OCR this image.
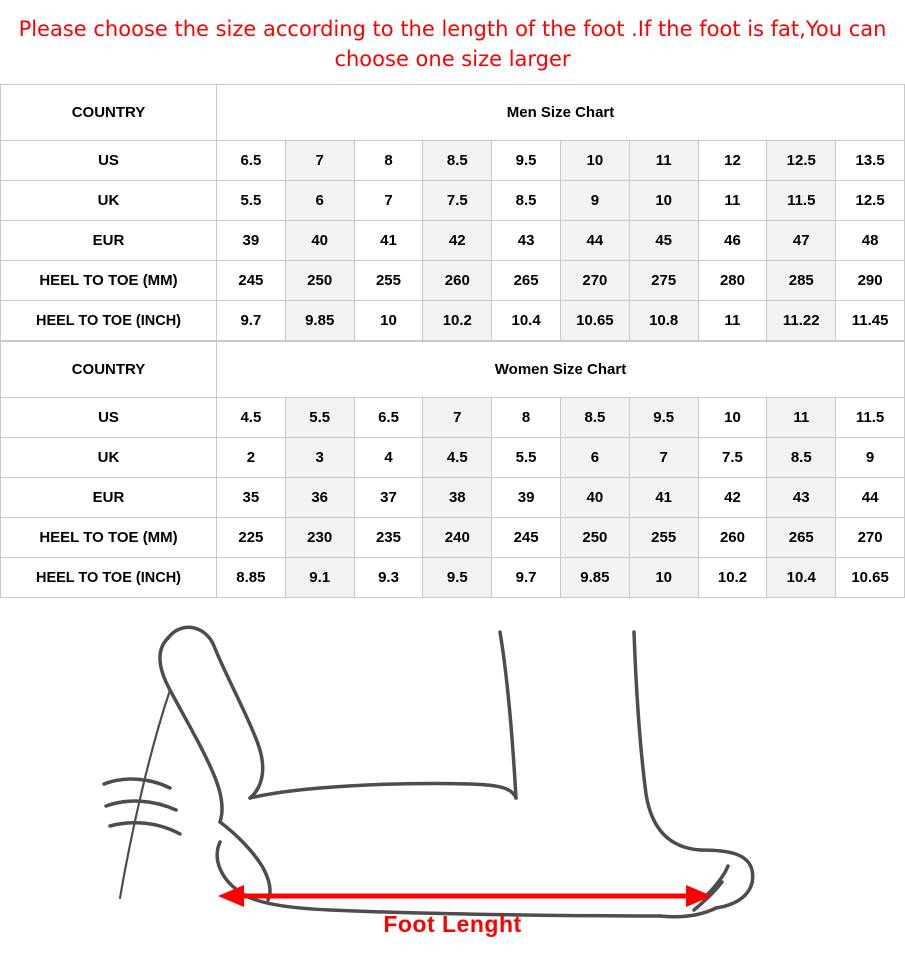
Please choose the size according to the length of the foot .If the foot is fat,You can choose one size larger
COUNTRY	Men Size Chart									
US	6.5	7	8	8.5	9.5	10	11	12	12.5	13.5
UK	5.5	6	7	7.5	8.5	9	10	11	11.5	12.5
EUR	39	40	41	42	43	44	45	46	47	48
HEEL TO TOE (MM)	245	250	255	260	265	270	275	280	285	290
HEEL TO TOE (INCH)	9.7	9.85	10	10.2	10.4	10.65	10.8	11	11.22	11.45
COUNTRY	Women Size Chart									
US	4.5	5.5	6.5	7	8	8.5	9.5	10	11	11.5
UK	2	3	4	4.5	5.5	6	7	7.5	8.5	9
EUR	35	36	37	38	39	40	41	42	43	44
HEEL TO TOE (MM)	225	230	235	240	245	250	255	260	265	270
HEEL TO TOE (INCH)	8.85	9.1	9.3	9.5	9.7	9.85	10	10.2	10.4	10.65
Foot Lenght
